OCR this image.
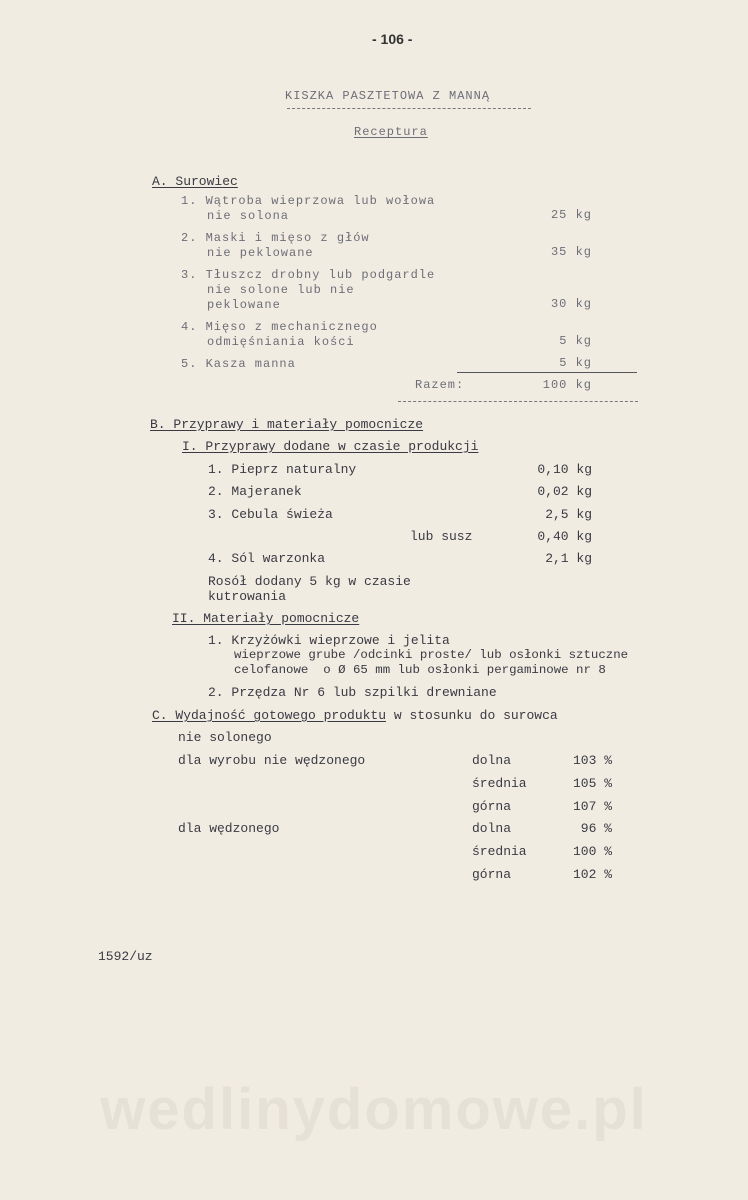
wedlinydomowe.pl
- 106 -
KISZKA PASZTETOWA Z MANNĄ
Receptura
A. Surowiec
1. Wątroba wieprzowa lub wołowa
nie solona	25 kg
2. Maski i mięso z głów
nie peklowane	35 kg
3. Tłuszcz drobny lub podgardle
nie solone lub nie
peklowane	30 kg
4. Mięso z mechanicznego
odmięśniania kości	5 kg
5. Kasza manna	5 kg
Razem:	100 kg
B. Przyprawy i materiały pomocnicze
I. Przyprawy dodane w czasie produkcji
1. Pieprz naturalny	0,10 kg
2. Majeranek	0,02 kg
3. Cebula świeża	2,5 kg
lub susz	0,40 kg
4. Sól warzonka	2,1 kg
Rosół dodany 5 kg w czasie
kutrowania
II. Materiały pomocnicze
1. Krzyżówki wieprzowe i jelita
wieprzowe grube /odcinki proste/ lub osłonki sztuczne
celofanowe  o Ø 65 mm lub osłonki pergaminowe nr 8
2. Przędza Nr 6 lub szpilki drewniane
C. Wydajność gotowego produktu w stosunku do surowca
nie solonego
dla wyrobu nie wędzonego	dolna	103 %
średnia	105 %
górna	107 %
dla wędzonego	dolna	96 %
średnia	100 %
górna	102 %
1592/uz
